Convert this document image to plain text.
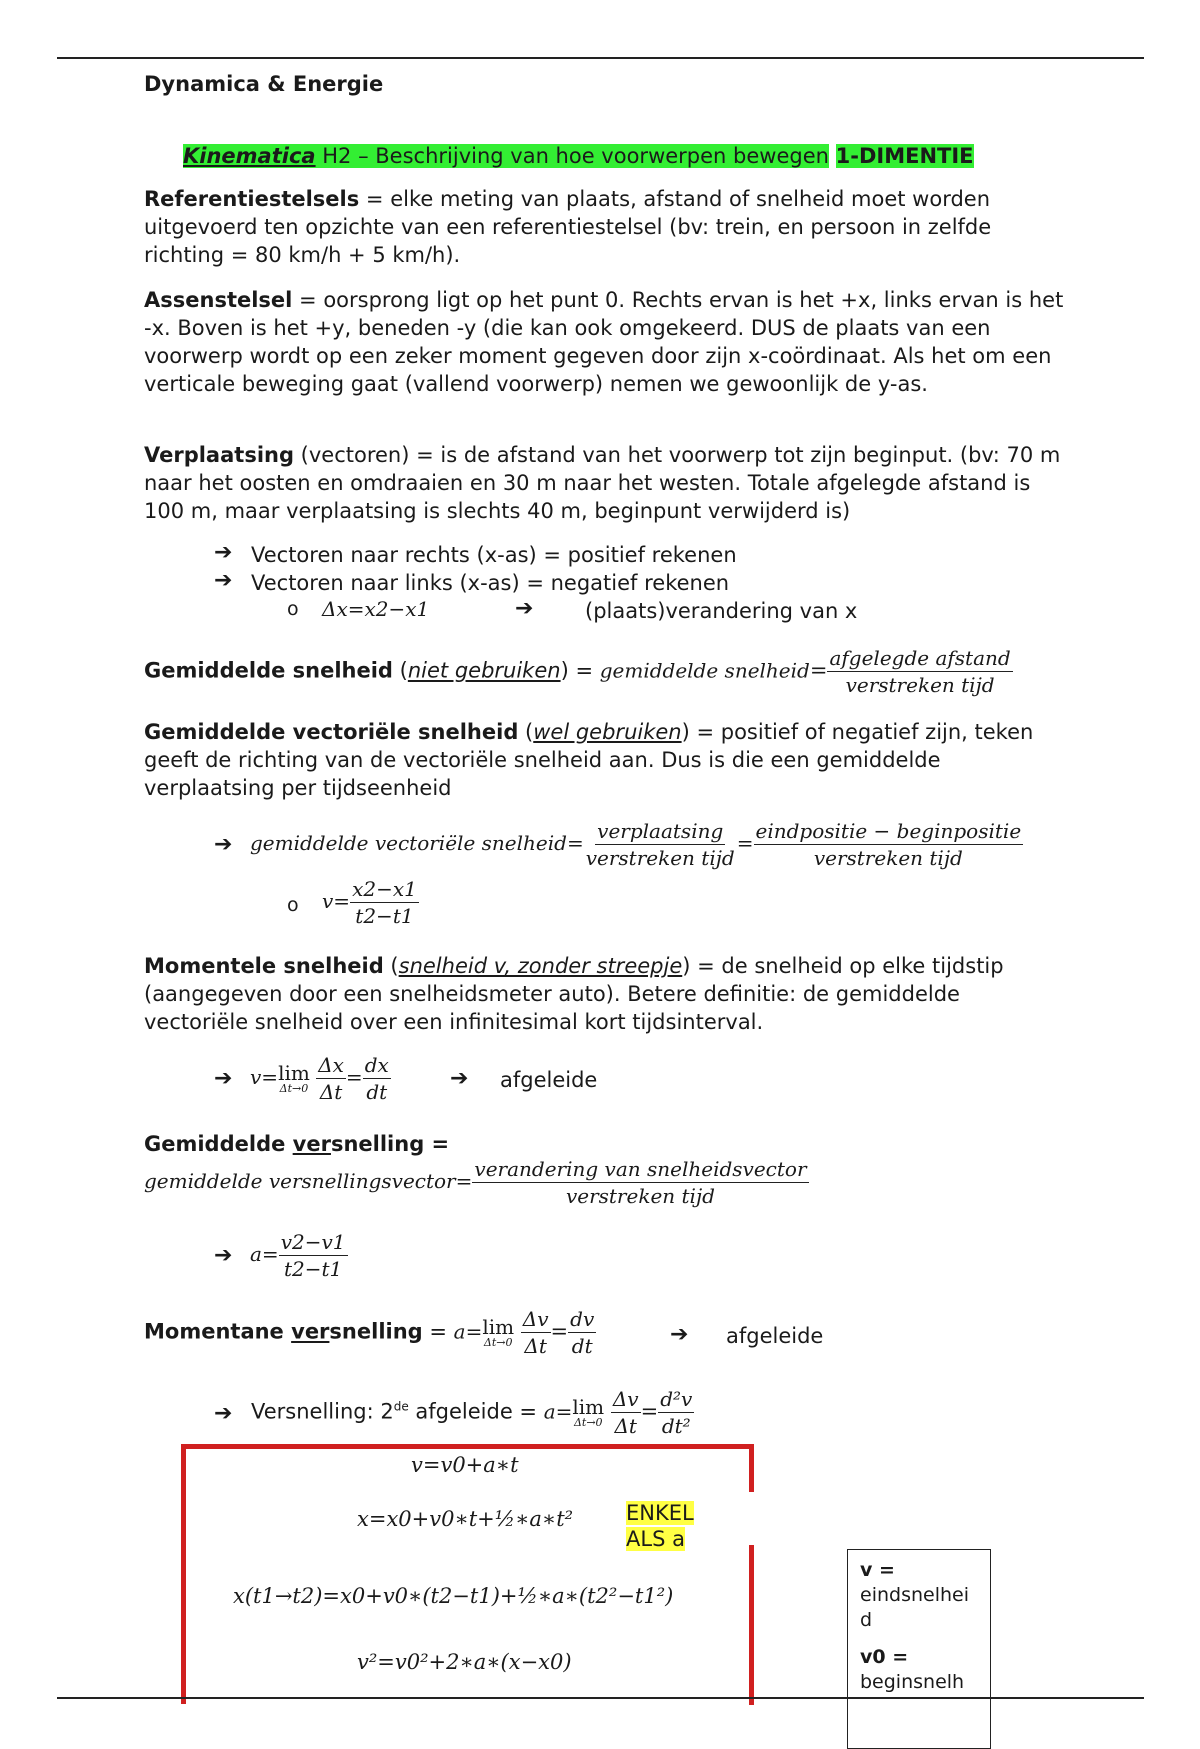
Dynamica & Energie
Kinematica H2 – Beschrijving van hoe voorwerpen bewegen 1-DIMENTIE
Referentiestelsels = elke meting van plaats, afstand of snelheid moet worden uitgevoerd ten opzichte van een referentiestelsel (bv: trein, en persoon in zelfde richting = 80 km/h + 5 km/h).
Assenstelsel = oorsprong ligt op het punt 0. Rechts ervan is het +x, links ervan is het -x. Boven is het +y, beneden -y (die kan ook omgekeerd. DUS de plaats van een voorwerp wordt op een zeker moment gegeven door zijn x-coördinaat. Als het om een verticale beweging gaat (vallend voorwerp) nemen we gewoonlijk de y-as.
Verplaatsing (vectoren) = is de afstand van het voorwerp tot zijn beginput. (bv: 70 m naar het oosten en omdraaien en 30 m naar het westen. Totale afgelegde afstand is 100 m, maar verplaatsing is slechts 40 m, beginpunt verwijderd is)
➔ Vectoren naar rechts (x-as) = positief rekenen
➔ Vectoren naar links (x-as) = negatief rekenen
o Δx=x2−x1	➔ (plaats)verandering van x
Gemiddelde snelheid (niet gebruiken) = gemiddelde snelheid= $\frac{\text{afgelegde afstand}}{\text{verstreken tijd}}$
Gemiddelde vectoriële snelheid (wel gebruiken) = positief of negatief zijn, teken geeft de richting van de vectoriële snelheid aan. Dus is die een gemiddelde verplaatsing per tijdseenheid
➔ gemiddelde vectoriële snelheid= $\frac{\text{verplaatsing}}{\text{verstreken tijd}} = \frac{\text{eindpositie − beginpositie}}{\text{verstreken tijd}}$
o $v= \frac{x2-x1}{t2-t1}$
Momentele snelheid (snelheid v, zonder streepje) = de snelheid op elke tijdstip (aangegeven door een snelheidsmeter auto). Betere definitie: de gemiddelde vectoriële snelheid over een infinitesimal kort tijdsinterval.
➔ v= lim
Δt→0
$\frac{\Delta x}{\Delta t} = \frac{dx}{dt}$	➔ afgeleide
Gemiddelde versnelling =
gemiddelde versnellingsvector= $\frac{\text{verandering van snelheidsvector}}{\text{verstreken tijd}}$
➔ $a= \frac{v2-v1}{t2-t1}$
Momentane versnelling = a= lim
Δt→0
$\frac{\Delta v}{\Delta t} = \frac{dv}{dt}$	➔ afgeleide
➔ Versnelling: 2de afgeleide = a= lim
Δt→0
$\frac{\Delta v}{\Delta t} = \frac{\text{d²v}}{\text{dt²}}$
v=v0+a∗t
x=x0+v0∗t+½∗a∗t²	ENKEL
ALS a
x(t1→t2)=x0+v0∗(t2−t1)+½∗a∗(t2²−t1²)
v²=v0²+2∗a∗(x−x0)
v =
eindsnelheid
v0 =
beginsnelh
